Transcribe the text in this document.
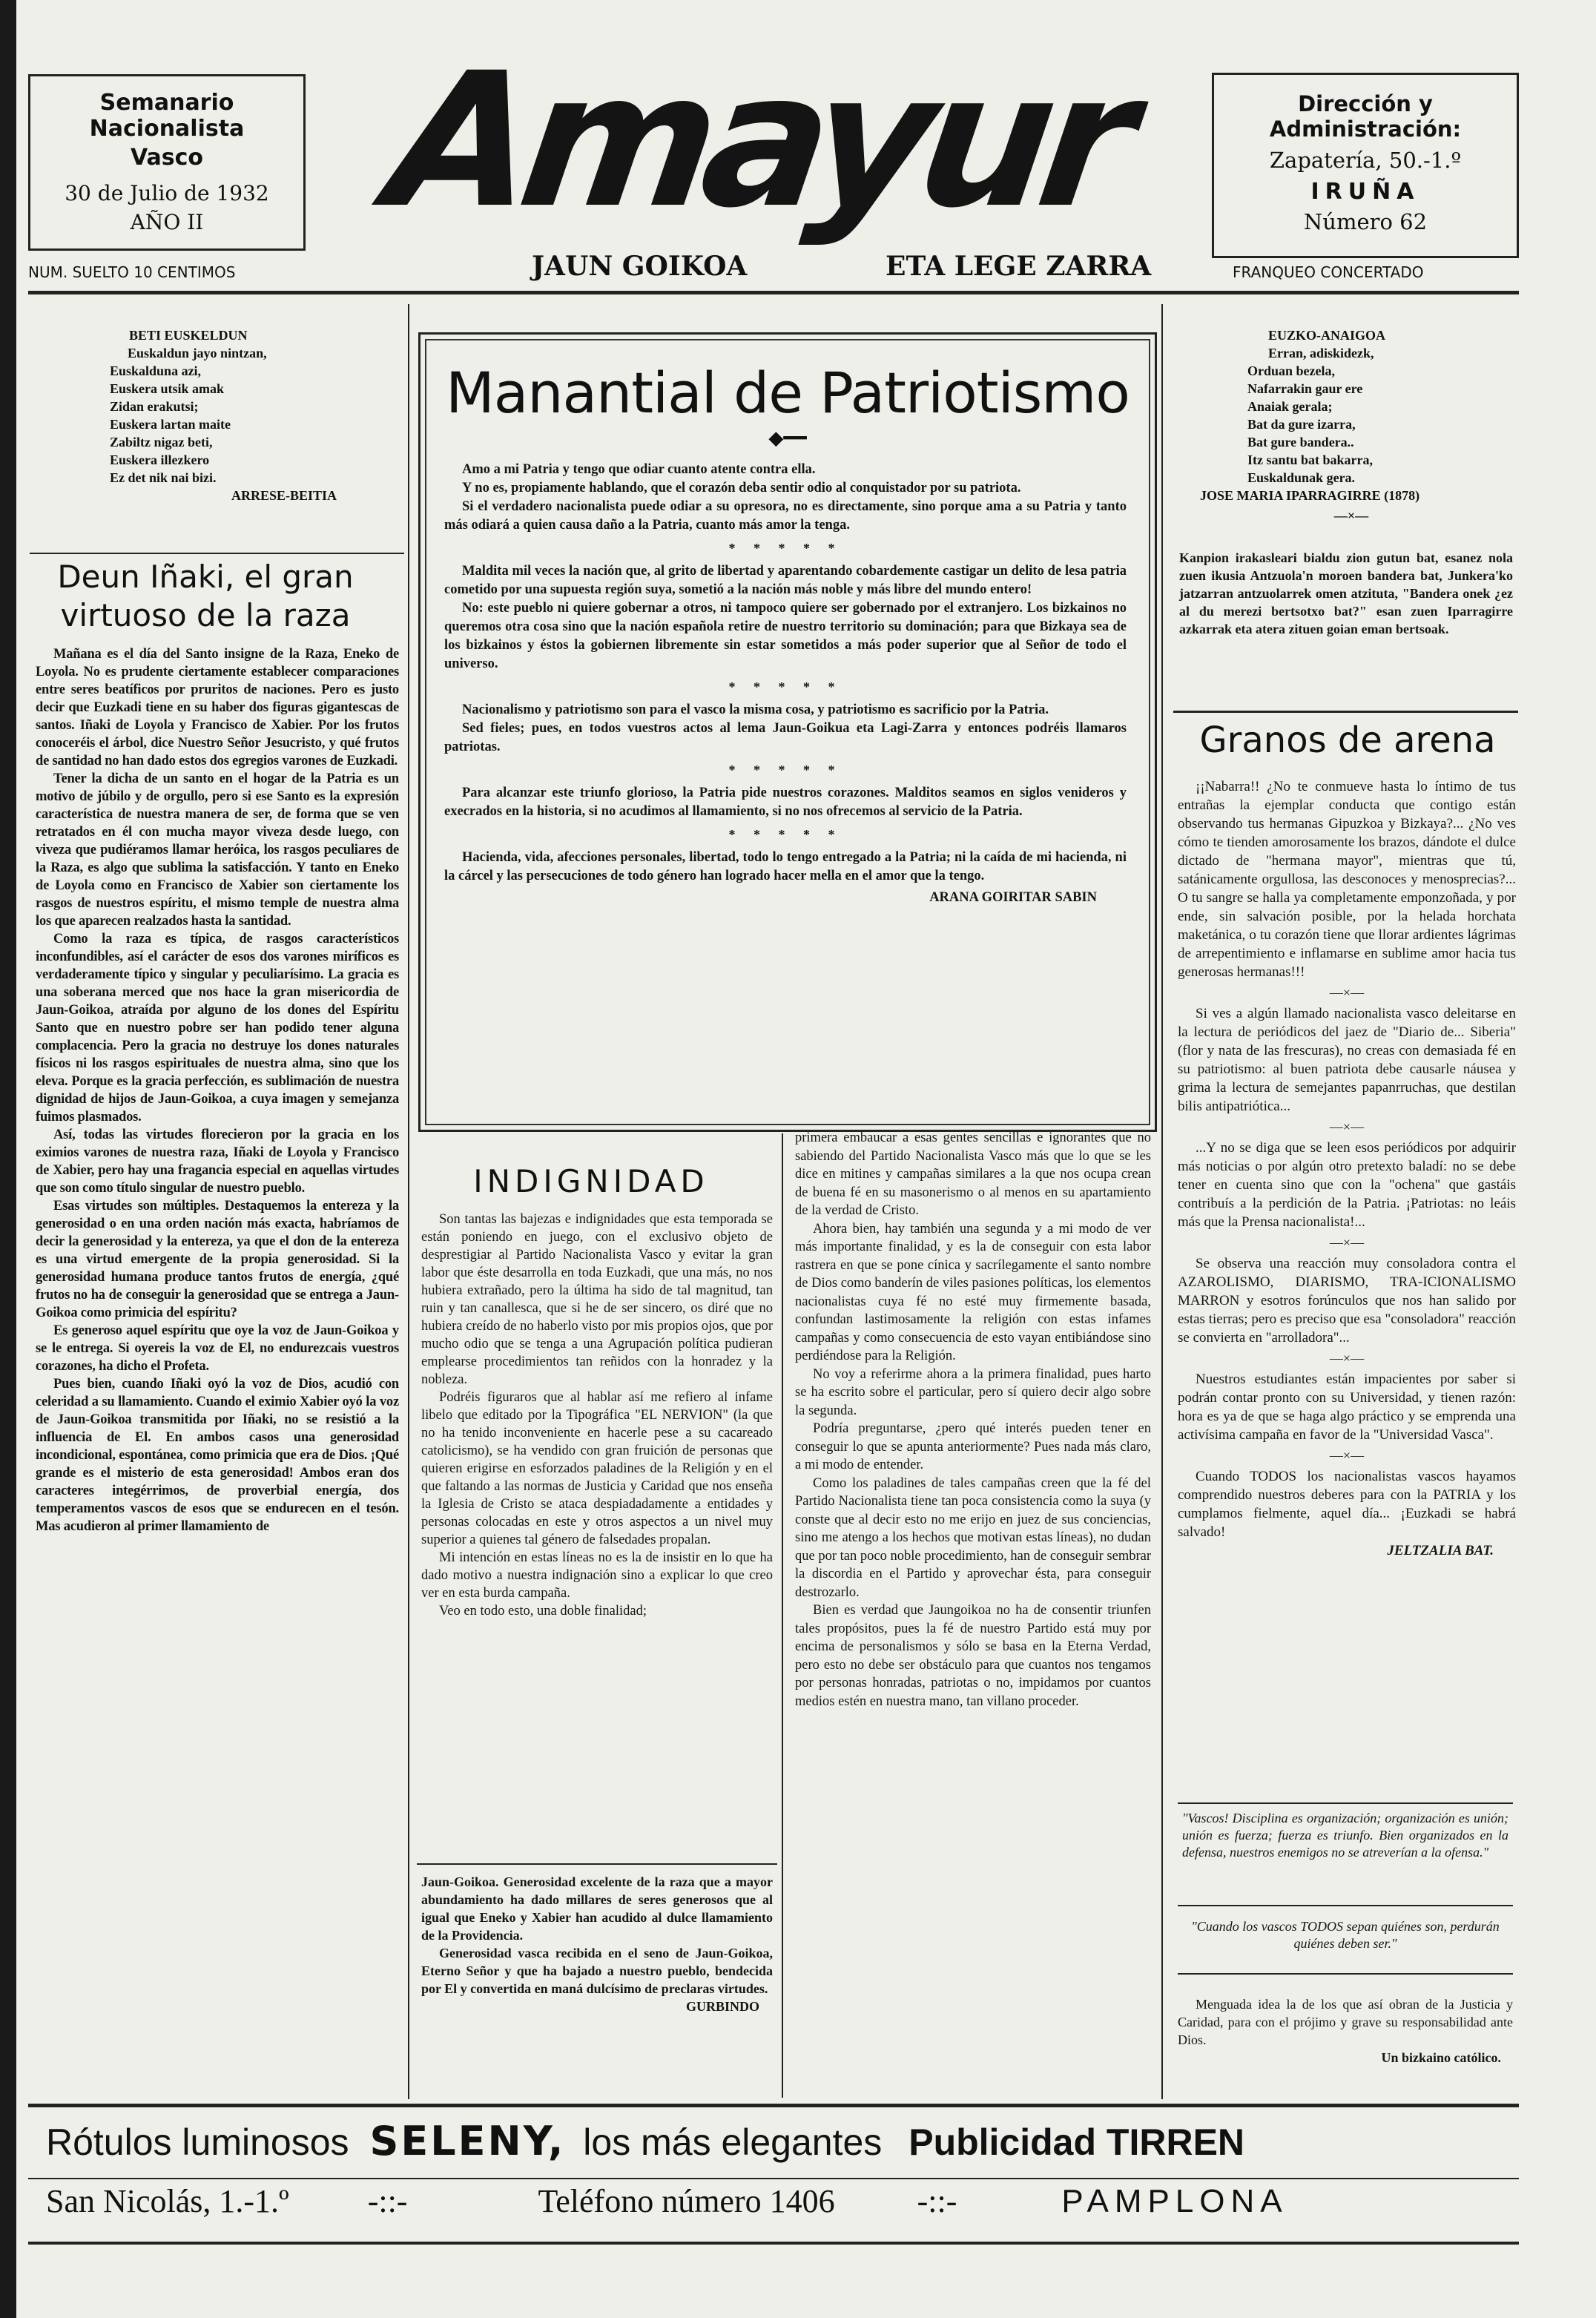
Semanario Nacionalista
Vasco
30 de Julio de 1932
AÑO II
NUM. SUELTO 10 CENTIMOS
Amayur
JAUN GOIKOA	ETA LEGE ZARRA
Dirección y Administración:
Zapatería, 50.-1.º
IRUÑA
Número 62
FRANQUEO CONCERTADO
BETI EUSKELDUN
Euskaldun jayo nintzan,
Euskalduna azi,
Euskera utsik amak
Zidan erakutsi;
Euskera lartan maite
Zabiltz nigaz beti,
Euskera illezkero
Ez det nik nai bizi.
ARRESE-BEITIA
Deun Iñaki, el gran virtuoso de la raza

Mañana es el día del Santo insigne de la Raza, Eneko de Loyola. No es prudente ciertamente establecer comparaciones entre seres beatíficos por pruritos de naciones. Pero es justo decir que Euzkadi tiene en su haber dos figuras gigantescas de santos. Iñaki de Loyola y Francisco de Xabier. Por los frutos conoceréis el árbol, dice Nuestro Señor Jesucristo, y qué frutos de santidad no han dado estos dos egregios varones de Euzkadi.

Tener la dicha de un santo en el hogar de la Patria es un motivo de júbilo y de orgullo, pero si ese Santo es la expresión característica de nuestra manera de ser, de forma que se ven retratados en él con mucha mayor viveza desde luego, con viveza que pudiéramos llamar heróica, los rasgos peculiares de la Raza, es algo que sublima la satisfacción. Y tanto en Eneko de Loyola como en Francisco de Xabier son ciertamente los rasgos de nuestros espíritu, el mismo temple de nuestra alma los que aparecen realzados hasta la santidad.

Como la raza es típica, de rasgos característicos inconfundibles, así el carácter de esos dos varones miríficos es verdaderamente típico y singular y peculiarísimo. La gracia es una soberana merced que nos hace la gran misericordia de Jaun-Goikoa, atraída por alguno de los dones del Espíritu Santo que en nuestro pobre ser han podido tener alguna complacencia. Pero la gracia no destruye los dones naturales físicos ni los rasgos espirituales de nuestra alma, sino que los eleva. Porque es la gracia perfección, es sublimación de nuestra dignidad de hijos de Jaun-Goikoa, a cuya imagen y semejanza fuimos plasmados.

Así, todas las virtudes florecieron por la gracia en los eximios varones de nuestra raza, Iñaki de Loyola y Francisco de Xabier, pero hay una fragancia especial en aquellas virtudes que son como título singular de nuestro pueblo.

Esas virtudes son múltiples. Destaquemos la entereza y la generosidad o en una orden nación más exacta, habríamos de decir la generosidad y la entereza, ya que el don de la entereza es una virtud emergente de la propia generosidad. Si la generosidad humana produce tantos frutos de energía, ¿qué frutos no ha de conseguir la generosidad que se entrega a Jaun-Goikoa como primicia del espíritu?

Es generoso aquel espíritu que oye la voz de Jaun-Goikoa y se le entrega. Si oyereis la voz de El, no endurezcais vuestros corazones, ha dicho el Profeta.

Pues bien, cuando Iñaki oyó la voz de Dios, acudió con celeridad a su llamamiento. Cuando el eximio Xabier oyó la voz de Jaun-Goikoa transmitida por Iñaki, no se resistió a la influencia de El. En ambos casos una generosidad incondicional, espontánea, como primicia que era de Dios. ¡Qué grande es el misterio de esta generosidad! Ambos eran dos caracteres integérrimos, de proverbial energía, dos temperamentos vascos de esos que se endurecen en el tesón. Mas acudieron al primer llamamiento de

Manantial de Patriotismo
◆━━

Amo a mi Patria y tengo que odiar cuanto atente contra ella.

Y no es, propiamente hablando, que el corazón deba sentir odio al conquistador por su patriota.

Si el verdadero nacionalista puede odiar a su opresora, no es directamente, sino porque ama a su Patria y tanto más odiará a quien causa daño a la Patria, cuanto más amor la tenga.

* * * * *

Maldita mil veces la nación que, al grito de libertad y aparentando cobardemente castigar un delito de lesa patria cometido por una supuesta región suya, sometió a la nación más noble y más libre del mundo entero!

No: este pueblo ni quiere gobernar a otros, ni tampoco quiere ser gobernado por el extranjero. Los bizkainos no queremos otra cosa sino que la nación española retire de nuestro territorio su dominación; para que Bizkaya sea de los bizkainos y éstos la gobiernen libremente sin estar sometidos a más poder superior que al Señor de todo el universo.

* * * * *

Nacionalismo y patriotismo son para el vasco la misma cosa, y patriotismo es sacrificio por la Patria.

Sed fieles; pues, en todos vuestros actos al lema Jaun-Goikua eta Lagi-Zarra y entonces podréis llamaros patriotas.

* * * * *

Para alcanzar este triunfo glorioso, la Patria pide nuestros corazones. Malditos seamos en siglos venideros y execrados en la historia, si no acudimos al llamamiento, si no nos ofrecemos al servicio de la Patria.

* * * * *

Hacienda, vida, afecciones personales, libertad, todo lo tengo entregado a la Patria; ni la caída de mi hacienda, ni la cárcel y las persecuciones de todo género han logrado hacer mella en el amor que la tengo.

ARANA GOIRITAR SABIN
INDIGNIDAD

Son tantas las bajezas e indignidades que esta temporada se están poniendo en juego, con el exclusivo objeto de desprestigiar al Partido Nacionalista Vasco y evitar la gran labor que éste desarrolla en toda Euzkadi, que una más, no nos hubiera extrañado, pero la última ha sido de tal magnitud, tan ruin y tan canallesca, que si he de ser sincero, os diré que no hubiera creído de no haberlo visto por mis propios ojos, que por mucho odio que se tenga a una Agrupación política pudieran emplearse procedimientos tan reñidos con la honradez y la nobleza.

Podréis figuraros que al hablar así me refiero al infame libelo que editado por la Tipográfica "EL NERVION" (la que no ha tenido inconveniente en hacerle pese a su cacareado catolicismo), se ha vendido con gran fruición de personas que quieren erigirse en esforzados paladines de la Religión y en el que faltando a las normas de Justicia y Caridad que nos enseña la Iglesia de Cristo se ataca despiadadamente a entidades y personas colocadas en este y otros aspectos a un nivel muy superior a quienes tal género de falsedades propalan.

Mi intención en estas líneas no es la de insistir en lo que ha dado motivo a nuestra indignación sino a explicar lo que creo ver en esta burda campaña.

Veo en todo esto, una doble finalidad;

Jaun-Goikoa. Generosidad excelente de la raza que a mayor abundamiento ha dado millares de seres generosos que al igual que Eneko y Xabier han acudido al dulce llamamiento de la Providencia.

Generosidad vasca recibida en el seno de Jaun-Goikoa, Eterno Señor y que ha bajado a nuestro pueblo, bendecida por El y convertida en maná dulcísimo de preclaras virtudes.

GURBINDO

primera embaucar a esas gentes sencillas e ignorantes que no sabiendo del Partido Nacionalista Vasco más que lo que se les dice en mitines y campañas similares a la que nos ocupa crean de buena fé en su masonerismo o al menos en su apartamiento de la verdad de Cristo.

Ahora bien, hay también una segunda y a mi modo de ver más importante finalidad, y es la de conseguir con esta labor rastrera en que se pone cínica y sacrílegamente el santo nombre de Dios como banderín de viles pasiones políticas, los elementos nacionalistas cuya fé no esté muy firmemente basada, confundan lastimosamente la religión con estas infames campañas y como consecuencia de esto vayan entibiándose sino perdiéndose para la Religión.

No voy a referirme ahora a la primera finalidad, pues harto se ha escrito sobre el particular, pero sí quiero decir algo sobre la segunda.

Podría preguntarse, ¿pero qué interés pueden tener en conseguir lo que se apunta anteriormente? Pues nada más claro, a mi modo de entender.

Como los paladines de tales campañas creen que la fé del Partido Nacionalista tiene tan poca consistencia como la suya (y conste que al decir esto no me erijo en juez de sus conciencias, sino me atengo a los hechos que motivan estas líneas), no dudan que por tan poco noble procedimiento, han de conseguir sembrar la discordia en el Partido y aprovechar ésta, para conseguir destrozarlo.

Bien es verdad que Jaungoikoa no ha de consentir triunfen tales propósitos, pues la fé de nuestro Partido está muy por encima de personalismos y sólo se basa en la Eterna Verdad, pero esto no debe ser obstáculo para que cuantos nos tengamos por personas honradas, patriotas o no, impidamos por cuantos medios estén en nuestra mano, tan villano proceder.

EUZKO-ANAIGOA
Erran, adiskidezk,
Orduan bezela,
Nafarrakin gaur ere
Anaiak gerala;
Bat da gure izarra,
Bat gure bandera..
Itz santu bat bakarra,
Euskaldunak gera.
JOSE MARIA IPARRAGIRRE (1878)
—×—

Kanpion irakasleari bialdu zion gutun bat, esanez nola zuen ikusia Antzuola'n moroen bandera bat, Junkera'ko jatzarran antzuolarrek omen atzituta, "Bandera onek ¿ez al du merezi bertsotxo bat?" esan zuen Iparragirre azkarrak eta atera zituen goian eman bertsoak.

Granos de arena

¡¡Nabarra!! ¿No te conmueve hasta lo íntimo de tus entrañas la ejemplar conducta que contigo están observando tus hermanas Gipuzkoa y Bizkaya?... ¿No ves cómo te tienden amorosamente los brazos, dándote el dulce dictado de "hermana mayor", mientras que tú, satánicamente orgullosa, las desconoces y menosprecias?... O tu sangre se halla ya completamente emponzoñada, y por ende, sin salvación posible, por la helada horchata maketánica, o tu corazón tiene que llorar ardientes lágrimas de arrepentimiento e inflamarse en sublime amor hacia tus generosas hermanas!!!

—×—

Si ves a algún llamado nacionalista vasco deleitarse en la lectura de periódicos del jaez de "Diario de... Siberia" (flor y nata de las frescuras), no creas con demasiada fé en su patriotismo: al buen patriota debe causarle náusea y grima la lectura de semejantes papanrruchas, que destilan bilis antipatriótica...

—×—

...Y no se diga que se leen esos periódicos por adquirir más noticias o por algún otro pretexto baladí: no se debe tener en cuenta sino que con la "ochena" que gastáis contribuís a la perdición de la Patria. ¡Patriotas: no leáis más que la Prensa nacionalista!...

—×—

Se observa una reacción muy consoladora contra el AZAROLISMO, DIARISMO, TRA-ICIONALISMO MARRON y esotros forúnculos que nos han salido por estas tierras; pero es preciso que esa "consoladora" reacción se convierta en "arrolladora"...

—×—

Nuestros estudiantes están impacientes por saber si podrán contar pronto con su Universidad, y tienen razón: hora es ya de que se haga algo práctico y se emprenda una activísima campaña en favor de la "Universidad Vasca".

—×—

Cuando TODOS los nacionalistas vascos hayamos comprendido nuestros deberes para con la PATRIA y los cumplamos fielmente, aquel día... ¡Euzkadi se habrá salvado!

JELTZALIA BAT.
"Vascos! Disciplina es organización; organización es unión; unión es fuerza; fuerza es triunfo. Bien organizados en la defensa, nuestros enemigos no se atreverían a la ofensa."
"Cuando los vascos TODOS sepan quiénes son, perdurán quiénes deben ser."

Menguada idea la de los que así obran de la Justicia y Caridad, para con el prójimo y grave su responsabilidad ante Dios.

Un bizkaino católico.
Rótulos luminosos SELENY, los más elegantes Publicidad TIRREN
San Nicolás, 1.-1.º -::-	Teléfono número 1406	-::-	PAMPLONA
